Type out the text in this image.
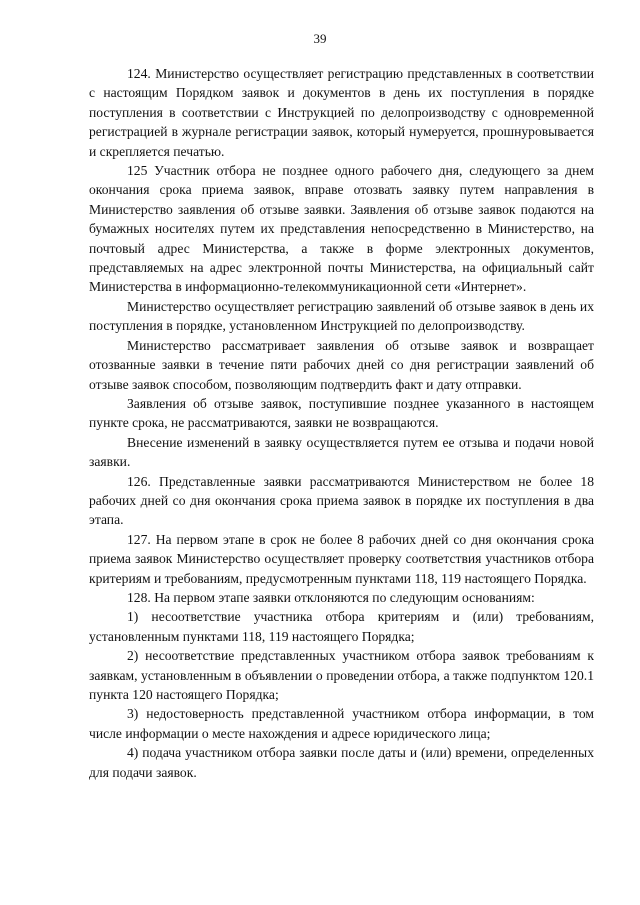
39

124. Министерство осуществляет регистрацию представленных в соответствии с настоящим Порядком заявок и документов в день их поступления в порядке поступления в соответствии с Инструкцией по делопроизводству с одновременной регистрацией в журнале регистрации заявок, который нумеруется, прошнуровывается и скрепляется печатью.

125 Участник отбора не позднее одного рабочего дня, следующего за днем окончания срока приема заявок, вправе отозвать заявку путем направления в Министерство заявления об отзыве заявки. Заявления об отзыве заявок подаются на бумажных носителях путем их представления непосредственно в Министерство, на почтовый адрес Министерства, а также в форме электронных документов, представляемых на адрес электронной почты Министерства, на официальный сайт Министерства в информационно-телекоммуникационной сети «Интернет».

Министерство осуществляет регистрацию заявлений об отзыве заявок в день их поступления в порядке, установленном Инструкцией по делопроизводству.

Министерство рассматривает заявления об отзыве заявок и возвращает отозванные заявки в течение пяти рабочих дней со дня регистрации заявлений об отзыве заявок способом, позволяющим подтвердить факт и дату отправки.

Заявления об отзыве заявок, поступившие позднее указанного в настоящем пункте срока, не рассматриваются, заявки не возвращаются.

Внесение изменений в заявку осуществляется путем ее отзыва и подачи новой заявки.

126. Представленные заявки рассматриваются Министерством не более 18 рабочих дней со дня окончания срока приема заявок в порядке их поступления в два этапа.

127. На первом этапе в срок не более 8 рабочих дней со дня окончания срока приема заявок Министерство осуществляет проверку соответствия участников отбора критериям и требованиям, предусмотренным пунктами 118, 119 настоящего Порядка.

128. На первом этапе заявки отклоняются по следующим основаниям:

1) несоответствие участника отбора критериям и (или) требованиям, установленным пунктами 118, 119 настоящего Порядка;

2) несоответствие представленных участником отбора заявок требованиям к заявкам, установленным в объявлении о проведении отбора, а также подпунктом 120.1 пункта 120 настоящего Порядка;

3) недостоверность представленной участником отбора информации, в том числе информации о месте нахождения и адресе юридического лица;

4) подача участником отбора заявки после даты и (или) времени, определенных для подачи заявок.
